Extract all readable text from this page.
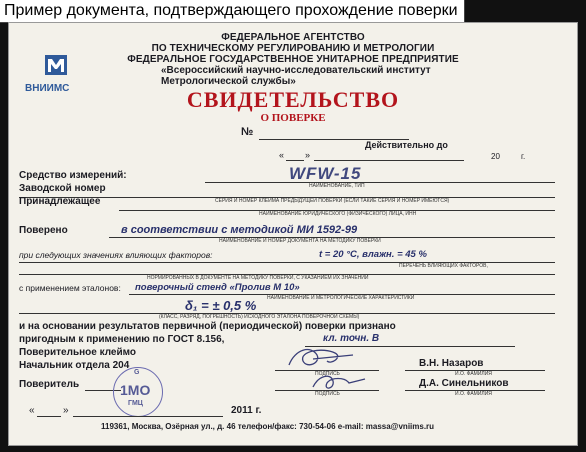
Пример документа, подтверждающего прохождение поверки
ВНИИМС
ФЕДЕРАЛЬНОЕ АГЕНТСТВО
ПО ТЕХНИЧЕСКОМУ РЕГУЛИРОВАНИЮ И МЕТРОЛОГИИ
ФЕДЕРАЛЬНОЕ ГОСУДАРСТВЕННОЕ УНИТАРНОЕ ПРЕДПРИЯТИЕ
«Всероссийский научно-исследовательский институт
Метрологической службы»
СВИДЕТЕЛЬСТВО
О ПОВЕРКЕ
№
Действительно до
« »	20	г.
Средство измерений:	WFW-15
НАИМЕНОВАНИЕ, ТИП
СЕРИЯ И НОМЕР КЛЕЙМА ПРЕДЫДУЩЕЙ ПОВЕРКИ (ЕСЛИ ТАКИЕ СЕРИЯ И НОМЕР ИМЕЮТСЯ)
Заводской номер
Принадлежащее
НАИМЕНОВАНИЕ ЮРИДИЧЕСКОГО (ФИЗИЧЕСКОГО) ЛИЦА, ИНН
Поверено	в соответствии с методикой МИ 1592-99
НАИМЕНОВАНИЕ И НОМЕР ДОКУМЕНТА НА МЕТОДИКУ ПОВЕРКИ
при следующих значениях влияющих факторов:	t = 20 °С, влажн. = 45 %
ПЕРЕЧЕНЬ ВЛИЯЮЩИХ ФАКТОРОВ,
НОРМИРОВАННЫХ В ДОКУМЕНТЕ НА МЕТОДИКУ ПОВЕРКИ, С УКАЗАНИЕМ ИХ ЗНАЧЕНИЙ
с применением эталонов: поверочный стенд «Пролив М 10»
НАИМЕНОВАНИЕ И МЕТРОЛОГИЧЕСКИЕ ХАРАКТЕРИСТИКИ
δ₁ = ± 0,5 %
(КЛАСС, РАЗРЯД, ПОГРЕШНОСТЬ) ИСХОДНОГО ЭТАЛОНА ПОВЕРОЧНОЙ СХЕМЫ)
и на основании результатов первичной (периодической) поверки признано
пригодным к применению по ГОСТ 8.156,	кл. точн. В
Поверительное клеймо
Начальник отдела 204
ПОДПИСЬ
В.Н. Назаров
И.О. ФАМИЛИЯ
Поверитель
ПОДПИСЬ
Д.А. Синельников
И.О. ФАМИЛИЯ
G
1МО
ГМЦ
«	»	2011 г.
119361, Москва, Озёрная ул., д. 46 телефон/факс: 730-54-06 e-mail: massa@vniims.ru
